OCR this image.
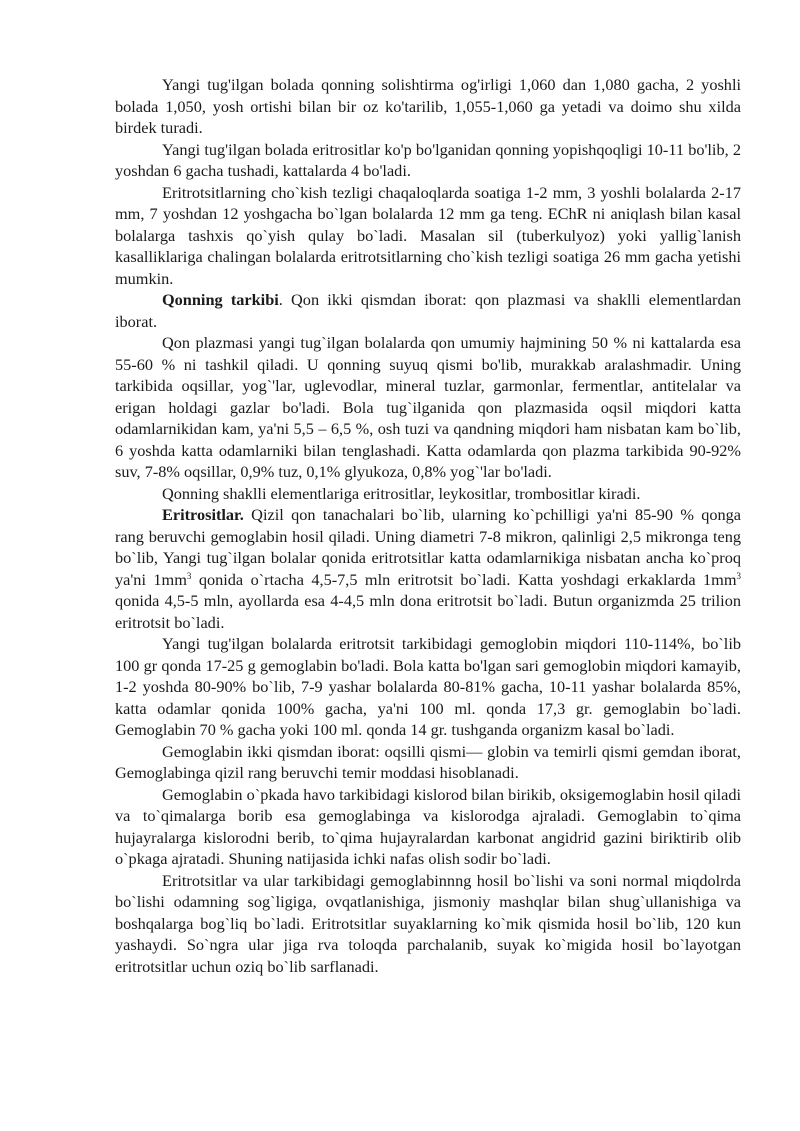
Yangi tug'ilgan bolada qonning solishtirma og'irligi 1,060 dan 1,080 gacha, 2 yoshli bolada 1,050, yosh ortishi bilan bir oz ko'tarilib, 1,055-1,060 ga yetadi va doimo shu xilda birdek turadi.

Yangi tug'ilgan bolada eritrositlar ko'p bo'lganidan qonning yopishqoqligi 10-11 bo'lib, 2 yoshdan 6 gacha tushadi, kattalarda 4 bo'ladi.

Eritrotsitlarning cho`kish tezligi chaqaloqlarda soatiga 1-2 mm, 3 yoshli bolalarda 2-17 mm, 7 yoshdan 12 yoshgacha bo`lgan bolalarda 12 mm ga teng. EChR ni aniqlash bilan kasal bolalarga tashxis qo`yish qulay bo`ladi. Masalan sil (tuberkulyoz) yoki yallig`lanish kasalliklariga chalingan bolalarda eritrotsitlarning cho`kish tezligi soatiga 26 mm gacha yetishi mumkin.

Qonning tarkibi. Qon ikki qismdan iborat: qon plazmasi va shaklli elementlardan iborat.

Qon plazmasi yangi tug`ilgan bolalarda qon umumiy hajmining 50 % ni kattalarda esa 55-60 % ni tashkil qiladi. U qonning suyuq qismi bo'lib, murakkab aralashmadir. Uning tarkibida oqsillar, yog`'lar, uglevodlar, mineral tuzlar, garmonlar, fermentlar, antitelalar va erigan holdagi gazlar bo'ladi. Bola tug`ilganida qon plazmasida oqsil miqdori katta odamlarnikidan kam, ya'ni 5,5 – 6,5 %, osh tuzi va qandning miqdori ham nisbatan kam bo`lib, 6 yoshda katta odamlarniki bilan tenglashadi. Katta odamlarda qon plazma tarkibida 90-92% suv, 7-8% oqsillar, 0,9% tuz, 0,1% glyukoza, 0,8% yog`'lar bo'ladi.

Qonning shaklli elementlariga eritrositlar, leykositlar, trombositlar kiradi.

Eritrositlar. Qizil qon tanachalari bo`lib, ularning ko`pchilligi ya'ni 85-90 % qonga rang beruvchi gemoglabin hosil qiladi. Uning diametri 7-8 mikron, qalinligi 2,5 mikronga teng bo`lib, Yangi tug`ilgan bolalar qonida eritrotsitlar katta odamlarnikiga nisbatan ancha ko`proq ya'ni $1mm^3$ qonida o`rtacha 4,5-7,5 mln eritrotsit bo`ladi. Katta yoshdagi erkaklarda $1mm^3$ qonida 4,5-5 mln, ayollarda esa 4-4,5 mln dona eritrotsit bo`ladi. Butun organizmda 25 trilion eritrotsit bo`ladi.

Yangi tug'ilgan bolalarda eritrotsit tarkibidagi gemoglobin miqdori 110-114%, bo`lib 100 gr qonda 17-25 g gemoglabin bo'ladi. Bola katta bo'lgan sari gemoglobin miqdori kamayib, 1-2 yoshda 80-90% bo`lib, 7-9 yashar bolalarda 80-81% gacha, 10-11 yashar bolalarda 85%, katta odamlar qonida 100% gacha, ya'ni 100 ml. qonda 17,3 gr. gemoglabin bo`ladi. Gemoglabin 70 % gacha yoki 100 ml. qonda 14 gr. tushganda organizm kasal bo`ladi.

Gemoglabin ikki qismdan iborat: oqsilli qismi— globin va temirli qismi gemdan iborat, Gemoglabinga qizil rang beruvchi temir moddasi hisoblanadi.

Gemoglabin o`pkada havo tarkibidagi kislorod bilan birikib, oksigemoglabin hosil qiladi va to`qimalarga borib esa gemoglabinga va kislorodga ajraladi. Gemoglabin to`qima hujayralarga kislorodni berib, to`qima hujayralardan karbonat angidrid gazini biriktirib olib o`pkaga ajratadi. Shuning natijasida ichki nafas olish sodir bo`ladi.

Eritrotsitlar va ular tarkibidagi gemoglabinnng hosil bo`lishi va soni normal miqdolrda bo`lishi odamning sog`ligiga, ovqatlanishiga, jismoniy mashqlar bilan shug`ullanishiga va boshqalarga bog`liq bo`ladi. Eritrotsitlar suyaklarning ko`mik qismida hosil bo`lib, 120 kun yashaydi. So`ngra ular jiga rva toloqda parchalanib, suyak ko`migida hosil bo`layotgan eritrotsitlar uchun oziq bo`lib sarflanadi.
